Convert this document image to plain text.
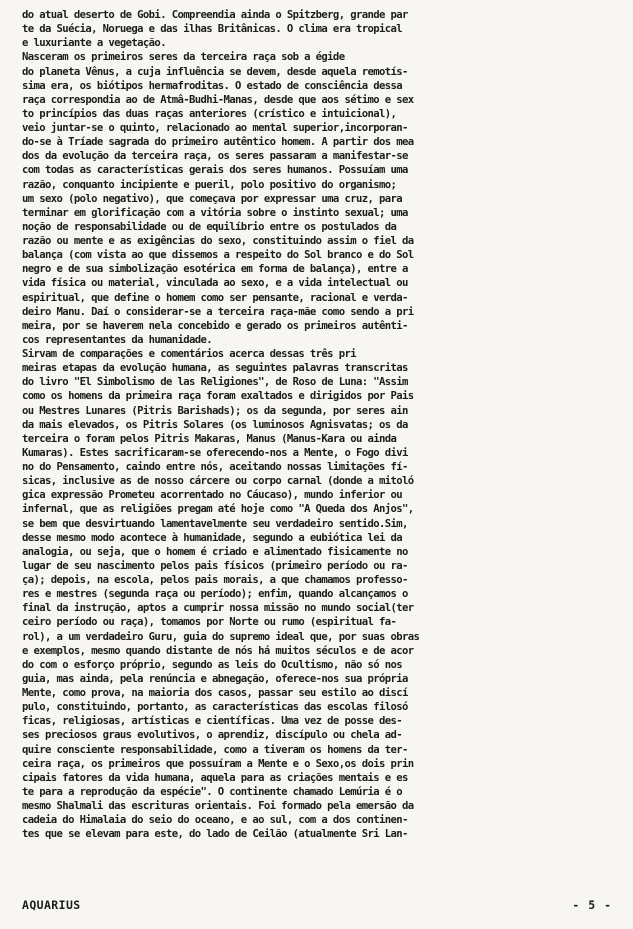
do atual deserto de Gobi. Compreendia ainda o Spitzberg, grande par

te da Suécia, Noruega e das ilhas Britânicas. O clima era tropical

e luxuriante a vegetação.

Nasceram os primeiros seres da terceira raça sob a égide

do planeta Vênus, a cuja influência se devem, desde aquela remotís-

sima era, os biótipos hermafroditas. O estado de consciência dessa

raça correspondia ao de Atmâ-Budhi-Manas, desde que aos sétimo e sex

to princípios das duas raças anteriores (crístico e intuicional),

veio juntar-se o quinto, relacionado ao mental superior,incorporan-

do-se à Tríade sagrada do primeiro autêntico homem. A partir dos mea

dos da evolução da terceira raça, os seres passaram a manifestar-se

com todas as características gerais dos seres humanos. Possuíam uma

razão, conquanto incipiente e pueril, polo positivo do organismo;

um sexo (polo negativo), que começava por expressar uma cruz, para

terminar em glorificação com a vitória sobre o instinto sexual; uma

noção de responsabilidade ou de equilíbrio entre os postulados da

razão ou mente e as exigências do sexo, constituindo assim o fiel da

balança (com vista ao que dissemos a respeito do Sol branco e do Sol

negro e de sua simbolização esotérica em forma de balança), entre a

vida física ou material, vinculada ao sexo, e a vida intelectual ou

espiritual, que define o homem como ser pensante, racional e verda-

deiro Manu. Daí o considerar-se a terceira raça-mãe como sendo a pri

meira, por se haverem nela concebido e gerado os primeiros autênti-

cos representantes da humanidade.

Sirvam de comparações e comentários acerca dessas três pri

meiras etapas da evolução humana, as seguintes palavras transcritas

do livro "El Simbolismo de las Religiones", de Roso de Luna: "Assim

como os homens da primeira raça foram exaltados e dirigidos por Pais

ou Mestres Lunares (Pitris Barishads); os da segunda, por seres ain

da mais elevados, os Pitris Solares (os luminosos Agnisvatas; os da

terceira o foram pelos Pitris Makaras, Manus (Manus-Kara ou ainda

Kumaras). Estes sacrificaram-se oferecendo-nos a Mente, o Fogo divi

no do Pensamento, caindo entre nós, aceitando nossas limitações fí-

sicas, inclusive as de nosso cárcere ou corpo carnal (donde a mitoló

gica expressão Prometeu acorrentado no Cáucaso), mundo inferior ou

infernal, que as religiões pregam até hoje como "A Queda dos Anjos",

se bem que desvirtuando lamentavelmente seu verdadeiro sentido.Sim,

desse mesmo modo acontece à humanidade, segundo a eubiótica lei da

analogia, ou seja, que o homem é criado e alimentado fisicamente no

lugar de seu nascimento pelos pais físicos (primeiro período ou ra-

ça); depois, na escola, pelos pais morais, a que chamamos professo-

res e mestres (segunda raça ou período); enfim, quando alcançamos o

final da instrução, aptos a cumprir nossa missão no mundo social(ter

ceiro período ou raça), tomamos por Norte ou rumo (espiritual fa-

rol), a um verdadeiro Guru, guia do supremo ideal que, por suas obras

e exemplos, mesmo quando distante de nós há muitos séculos e de acor

do com o esforço próprio, segundo as leis do Ocultismo, não só nos

guia, mas ainda, pela renúncia e abnegação, oferece-nos sua própria

Mente, como prova, na maioria dos casos, passar seu estilo ao discí

pulo, constituindo, portanto, as características das escolas filosó

ficas, religiosas, artísticas e científicas. Uma vez de posse des-

ses preciosos graus evolutivos, o aprendiz, discípulo ou chela ad-

quire consciente responsabilidade, como a tiveram os homens da ter-

ceira raça, os primeiros que possuíram a Mente e o Sexo,os dois prin

cipais fatores da vida humana, aquela para as criações mentais e es

te para a reprodução da espécie". O continente chamado Lemúria é o

mesmo Shalmali das escrituras orientais. Foi formado pela emersão da

cadeia do Himalaia do seio do oceano, e ao sul, com a dos continen-

tes que se elevam para este, do lado de Ceilão (atualmente Sri Lan-

AQUARIUS	- 5 -
